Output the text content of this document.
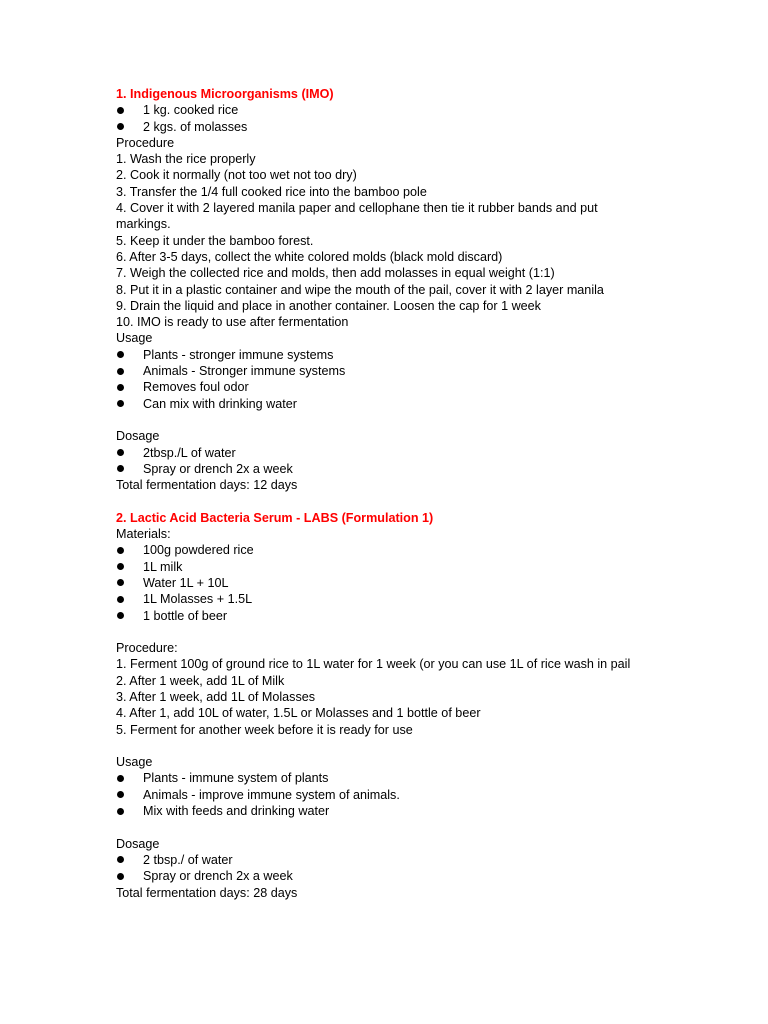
1. Indigenous Microorganisms (IMO)
1 kg. cooked rice
2 kgs. of molasses
Procedure
1. Wash the rice properly
2. Cook it normally (not too wet not too dry)
3. Transfer the 1/4 full cooked rice into the bamboo pole
4. Cover it with 2 layered manila paper and cellophane then tie it rubber bands and put markings.
5. Keep it under the bamboo forest.
6. After 3-5 days, collect the white colored molds (black mold discard)
7. Weigh the collected rice and molds, then add molasses in equal weight (1:1)
8. Put it in a plastic container and wipe the mouth of the pail, cover it with 2 layer manila
9. Drain the liquid and place in another container. Loosen the cap for 1 week
10. IMO is ready to use after fermentation
Usage
Plants - stronger immune systems
Animals - Stronger immune systems
Removes foul odor
Can mix with drinking water
Dosage
2tbsp./L of water
Spray or drench 2x a week
Total fermentation days: 12 days
2. Lactic Acid Bacteria Serum - LABS (Formulation 1)
Materials:
100g powdered rice
1L milk
Water 1L + 10L
1L Molasses + 1.5L
1 bottle of beer
Procedure:
1. Ferment 100g of ground rice to 1L water for 1 week (or you can use 1L of rice wash in pail
2. After 1 week, add 1L of Milk
3. After 1 week, add 1L of Molasses
4. After 1, add 10L of water, 1.5L or Molasses and 1 bottle of beer
5. Ferment for another week before it is ready for use
Usage
Plants - immune system of plants
Animals - improve immune system of animals.
Mix with feeds and drinking water
Dosage
2 tbsp./ of water
Spray or drench 2x a week
Total fermentation days: 28 days
